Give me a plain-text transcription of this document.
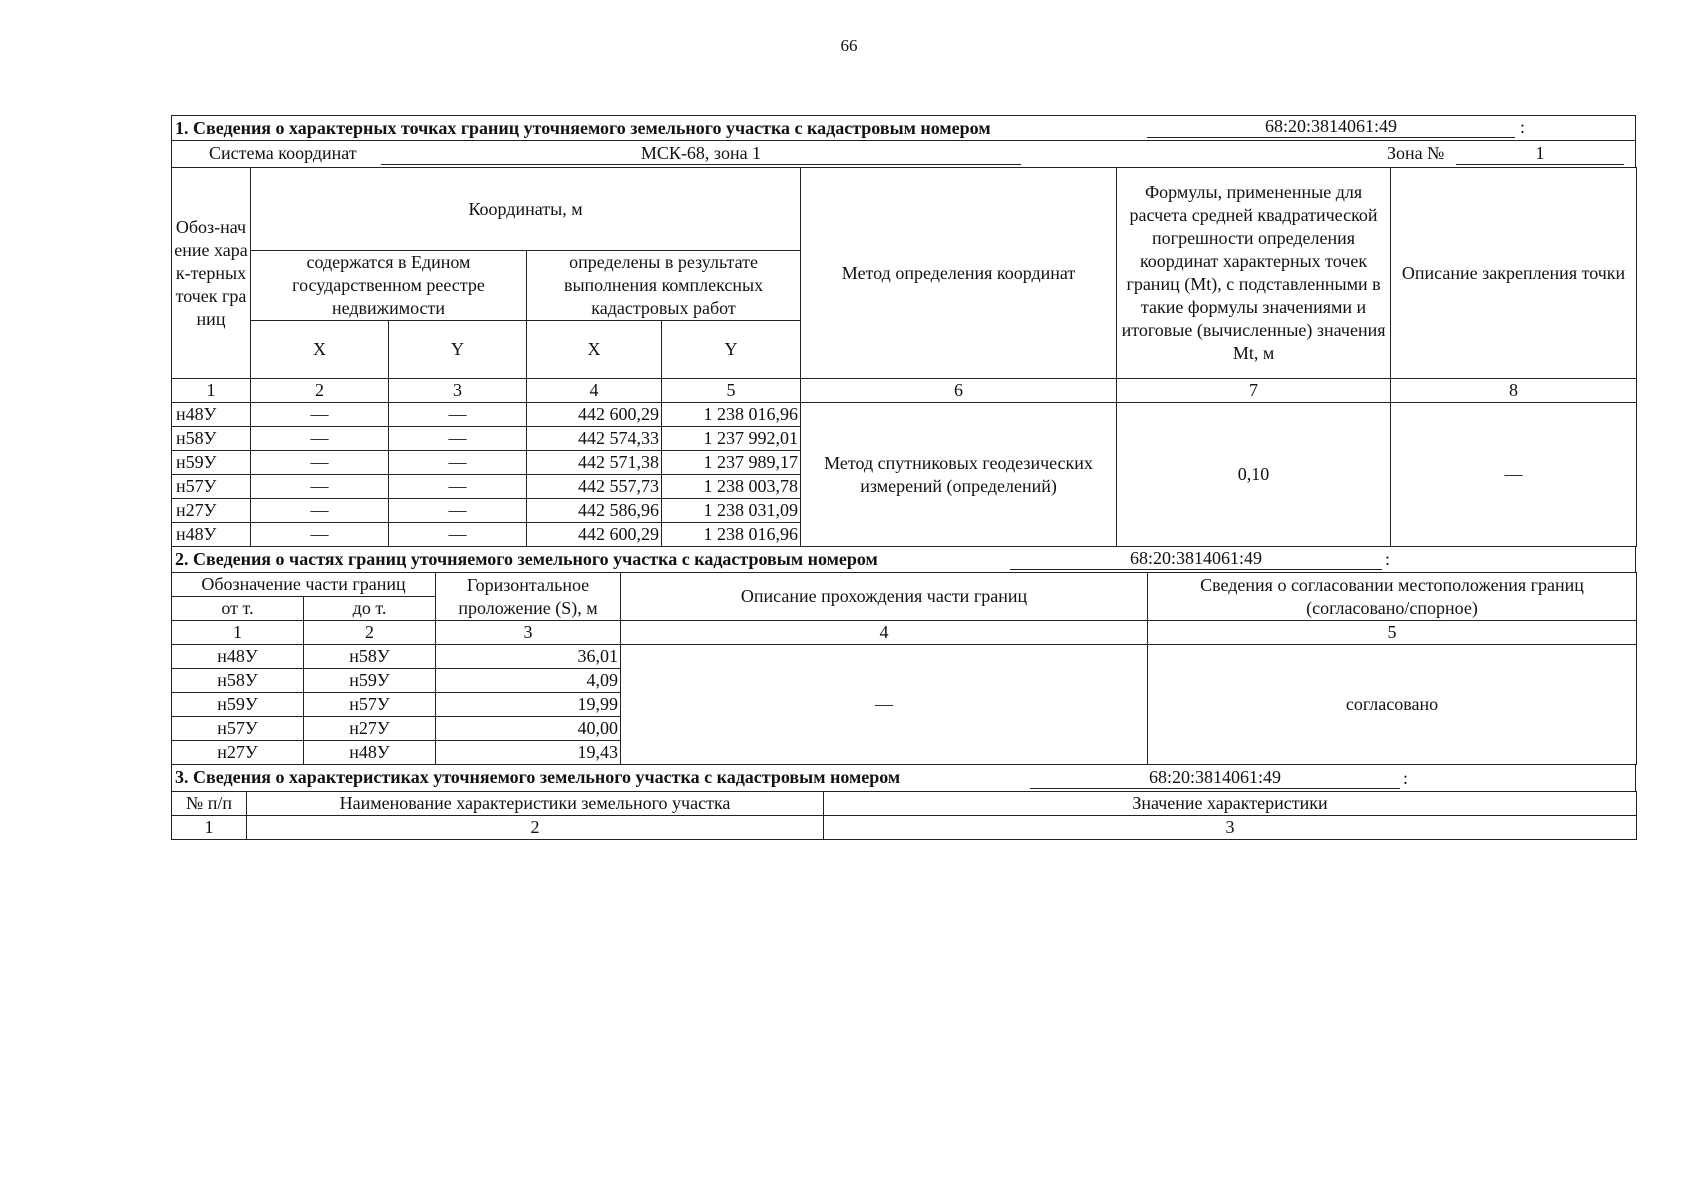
66
1. Сведения о характерных точках границ уточняемого земельного участка с кадастровым номером	68:20:3814061:49	:
Система координат	МСК-68, зона 1	Зона №	1
Обоз-начение харак-терных точек границ	Координаты, м				Метод определения координат	Формулы, примененные для расчета средней квадратической погрешности определения координат характерных точек границ (Mt), с подставленными в такие формулы значениями и итоговые (вычисленные) значения Mt, м	Описание закрепления точки
	содержатся в Едином государственном реестре недвижимости		определены в результате выполнения комплексных кадастровых работ				
	X	Y	X	Y			
1	2	3	4	5	6	7	8
н48У	—	—	442 600,29	1 238 016,96	Метод спутниковых геодезических измерений (определений)	0,10	—
н58У	—	—	442 574,33	1 237 992,01			
н59У	—	—	442 571,38	1 237 989,17			
н57У	—	—	442 557,73	1 238 003,78			
н27У	—	—	442 586,96	1 238 031,09			
н48У	—	—	442 600,29	1 238 016,96			
2. Сведения о частях границ уточняемого земельного участка с кадастровым номером	68:20:3814061:49	:
Обозначение части границ		Горизонтальное проложение (S), м	Описание прохождения части границ	Сведения о согласовании местоположения границ (согласовано/спорное)
от т.	до т.			
1	2	3	4	5
н48У	н58У	36,01	—	согласовано
н58У	н59У	4,09		
н59У	н57У	19,99		
н57У	н27У	40,00		
н27У	н48У	19,43		
3. Сведения о характеристиках уточняемого земельного участка с кадастровым номером	68:20:3814061:49	:
№ п/п	Наименование характеристики земельного участка	Значение характеристики
1	2	3
